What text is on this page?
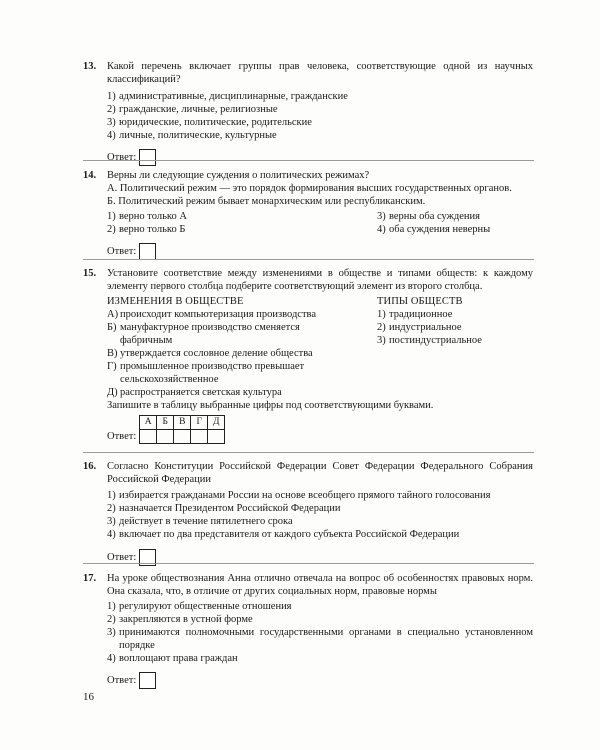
13. Какой перечень включает группы прав человека, соответствующие одной из научных классификаций?
1) административные, дисциплинарные, гражданские
2) гражданские, личные, религиозные
3) юридические, политические, родительские
4) личные, политические, культурные
Ответ:
14. Верны ли следующие суждения о политических режимах?
А. Политический режим — это порядок формирования высших государственных органов.
Б. Политический режим бывает монархическим или республиканским.
1) верно только А
2) верно только Б
3) верны оба суждения
4) оба суждения неверны
Ответ:
15. Установите соответствие между изменениями в обществе и типами обществ: к каждому элементу первого столбца подберите соответствующий элемент из второго столбца.
ИЗМЕНЕНИЯ В ОБЩЕСТВЕ
А) происходит компьютеризация производства
Б) мануфактурное производство сменяется фабричным
В) утверждается сословное деление общества
Г) промышленное производство превышает сельскохозяйственное
Д) распространяется светская культура
ТИПЫ ОБЩЕСТВ
1) традиционное
2) индустриальное
3) постиндустриальное
Запишите в таблицу выбранные цифры под соответствующими буквами.
Ответ:
А	Б	В	Г	Д

16. Согласно Конституции Российской Федерации Совет Федерации Федерального Собрания Российской Федерации
1) избирается гражданами России на основе всеобщего прямого тайного голосования
2) назначается Президентом Российской Федерации
3) действует в течение пятилетнего срока
4) включает по два представителя от каждого субъекта Российской Федерации
Ответ:
17. На уроке обществознания Анна отлично отвечала на вопрос об особенностях правовых норм. Она сказала, что, в отличие от других социальных норм, правовые нормы
1) регулируют общественные отношения
2) закрепляются в устной форме
3) принимаются полномочными государственными органами в специально установленном порядке
4) воплощают права граждан
Ответ:
16
